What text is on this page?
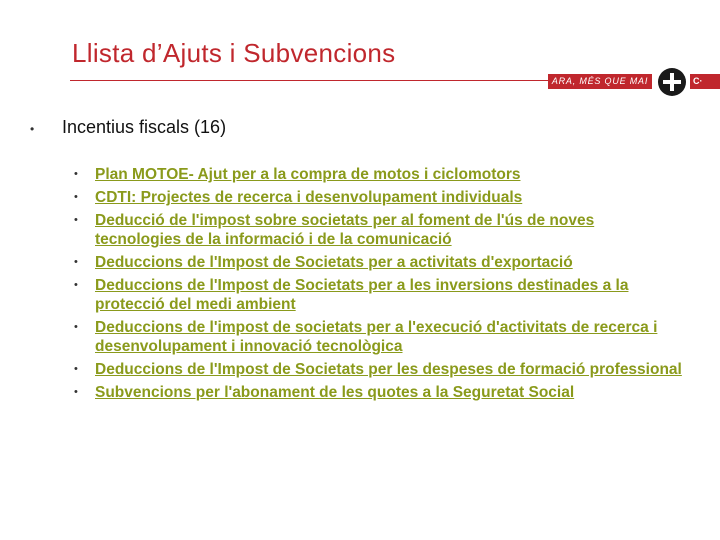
Llista d’Ajuts i Subvencions
ARA, MÉS QUE MAI	C·
•	Incentius fiscals (16)
•	Plan MOTOE- Ajut per a la compra de motos i ciclomotors
•	CDTI: Projectes de recerca i desenvolupament individuals
•	Deducció de l'impost sobre societats per al foment de l'ús de noves tecnologies de la informació i de la comunicació
•	Deduccions de l'Impost de Societats per a activitats d'exportació
•	Deduccions de l'Impost de Societats per a les inversions destinades a la protecció del medi ambient
•	Deduccions de l'impost de societats per a l'execució d'activitats de recerca i desenvolupament i innovació tecnològica
•	Deduccions de l'Impost de Societats per les despeses de formació professional
•	Subvencions per l'abonament de les quotes a la Seguretat Social
